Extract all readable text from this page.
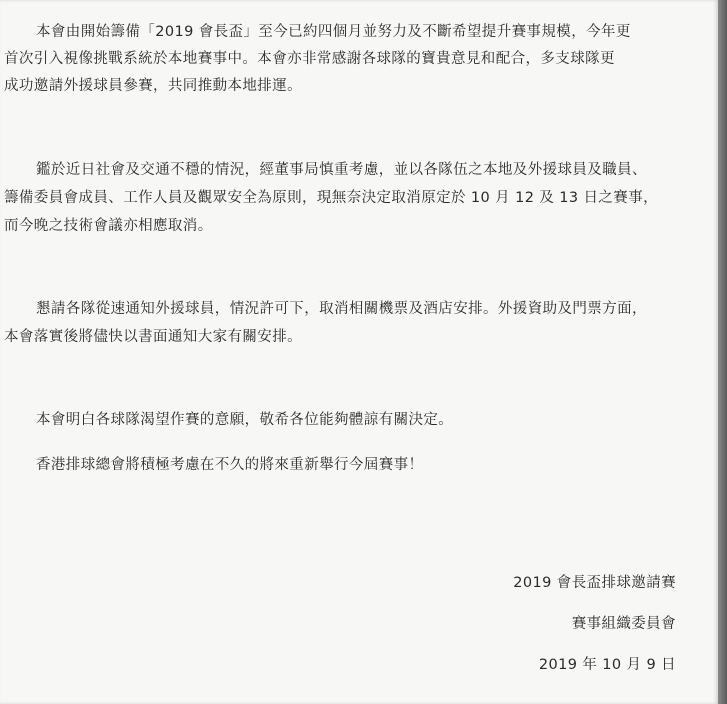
本會由開始籌備「2019 會長盃」至今已約四個月並努力及不斷希望提升賽事規模，今年更
首次引入視像挑戰系統於本地賽事中。本會亦非常感謝各球隊的寶貴意見和配合，多支球隊更
成功邀請外援球員參賽，共同推動本地排運。
鑑於近日社會及交通不穩的情況，經董事局慎重考慮，並以各隊伍之本地及外援球員及職員、
籌備委員會成員、工作人員及觀眾安全為原則，現無奈決定取消原定於 10 月 12 及 13 日之賽事，
而今晚之技術會議亦相應取消。
懇請各隊從速通知外援球員，情況許可下，取消相關機票及酒店安排。外援資助及門票方面，
本會落實後將儘快以書面通知大家有關安排。
本會明白各球隊渴望作賽的意願，敬希各位能夠體諒有關決定。
香港排球總會將積極考慮在不久的將來重新舉行今屆賽事！
2019 會長盃排球邀請賽
賽事組織委員會
2019 年 10 月 9 日
